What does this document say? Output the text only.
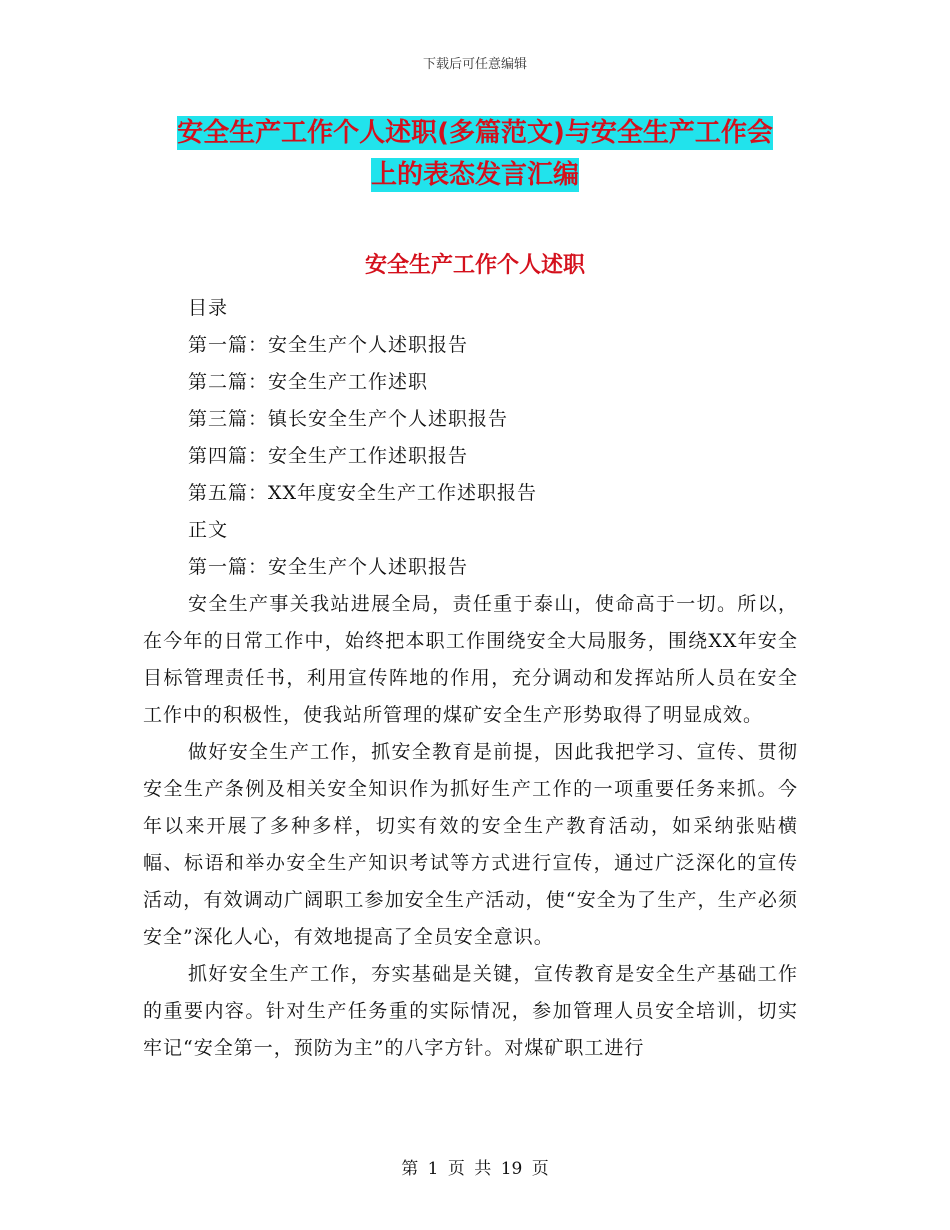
下载后可任意编辑
安全生产工作个人述职(多篇范文)与安全生产工作会
上的表态发言汇编
安全生产工作个人述职
目录
第一篇：安全生产个人述职报告
第二篇：安全生产工作述职
第三篇：镇长安全生产个人述职报告
第四篇：安全生产工作述职报告
第五篇：XX年度安全生产工作述职报告
正文
第一篇：安全生产个人述职报告

安全生产事关我站进展全局，责任重于泰山，使命高于一切。所以，在今年的日常工作中，始终把本职工作围绕安全大局服务，围绕XX年安全目标管理责任书，利用宣传阵地的作用，充分调动和发挥站所人员在安全工作中的积极性，使我站所管理的煤矿安全生产形势取得了明显成效。

做好安全生产工作，抓安全教育是前提，因此我把学习、宣传、贯彻安全生产条例及相关安全知识作为抓好生产工作的一项重要任务来抓。今年以来开展了多种多样，切实有效的安全生产教育活动，如采纳张贴横幅、标语和举办安全生产知识考试等方式进行宣传，通过广泛深化的宣传活动，有效调动广阔职工参加安全生产活动，使“安全为了生产，生产必须安全”深化人心，有效地提高了全员安全意识。

抓好安全生产工作，夯实基础是关键，宣传教育是安全生产基础工作的重要内容。针对生产任务重的实际情况，参加管理人员安全培训，切实牢记“安全第一，预防为主”的八字方针。对煤矿职工进行

第 1 页 共 19 页
